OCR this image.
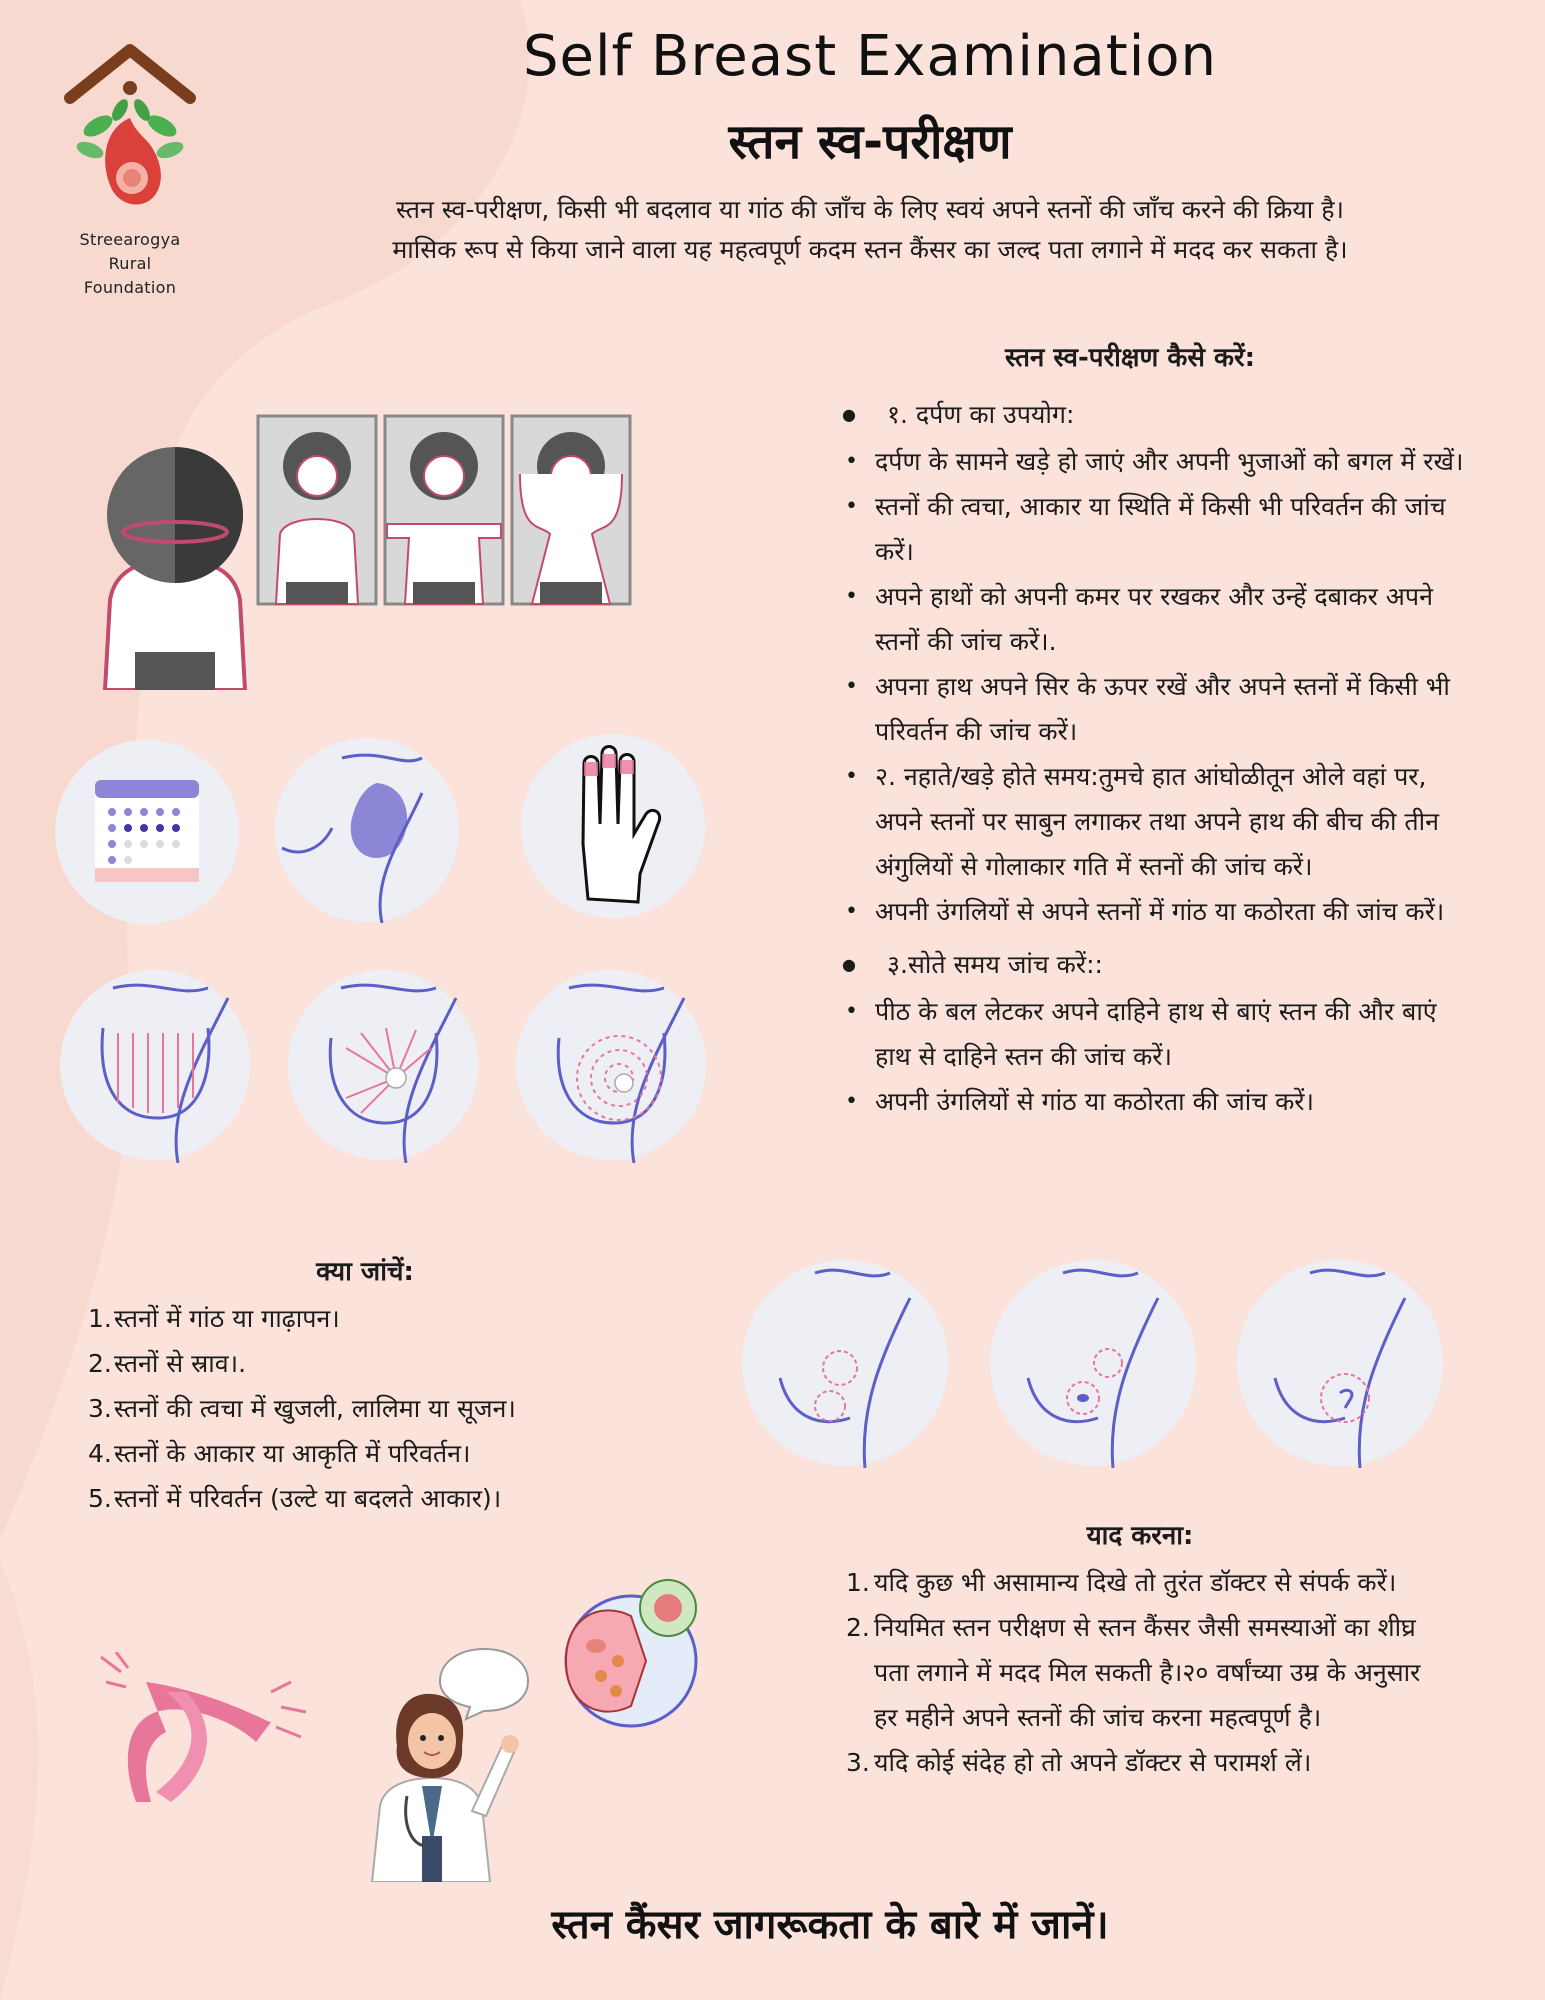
Streearogya
Rural
Foundation
Self Breast Examination
स्तन स्व-परीक्षण
स्तन स्व-परीक्षण, किसी भी बदलाव या गांठ की जाँच के लिए स्वयं अपने स्तनों की जाँच करने की क्रिया है। मासिक रूप से किया जाने वाला यह महत्वपूर्ण कदम स्तन कैंसर का जल्द पता लगाने में मदद कर सकता है।
स्तन स्व-परीक्षण कैसे करें:
● १. दर्पण का उपयोग:
• दर्पण के सामने खड़े हो जाएं और अपनी भुजाओं को बगल में रखें।
• स्तनों की त्वचा, आकार या स्थिति में किसी भी परिवर्तन की जांच करें।
• अपने हाथों को अपनी कमर पर रखकर और उन्हें दबाकर अपने स्तनों की जांच करें।.
• अपना हाथ अपने सिर के ऊपर रखें और अपने स्तनों में किसी भी परिवर्तन की जांच करें।
• २. नहाते/खड़े होते समय:तुमचे हात आंघोळीतून ओले वहां पर, अपने स्तनों पर साबुन लगाकर तथा अपने हाथ की बीच की तीन अंगुलियों से गोलाकार गति में स्तनों की जांच करें।
• अपनी उंगलियों से अपने स्तनों में गांठ या कठोरता की जांच करें।
● ३.सोते समय जांच करें::
• पीठ के बल लेटकर अपने दाहिने हाथ से बाएं स्तन की और बाएं हाथ से दाहिने स्तन की जांच करें।
• अपनी उंगलियों से गांठ या कठोरता की जांच करें।
क्या जांचें:
1. स्तनों में गांठ या गाढ़ापन।
2. स्तनों से स्राव।.
3. स्तनों की त्वचा में खुजली, लालिमा या सूजन।
4. स्तनों के आकार या आकृति में परिवर्तन।
5. स्तनों में परिवर्तन (उल्टे या बदलते आकार)।
याद करना:
1. यदि कुछ भी असामान्य दिखे तो तुरंत डॉक्टर से संपर्क करें।
2. नियमित स्तन परीक्षण से स्तन कैंसर जैसी समस्याओं का शीघ्र पता लगाने में मदद मिल सकती है।२० वर्षांच्या उम्र के अनुसार हर महीने अपने स्तनों की जांच करना महत्वपूर्ण है।
3. यदि कोई संदेह हो तो अपने डॉक्टर से परामर्श लें।
स्तन कैंसर जागरूकता के बारे में जानें।
